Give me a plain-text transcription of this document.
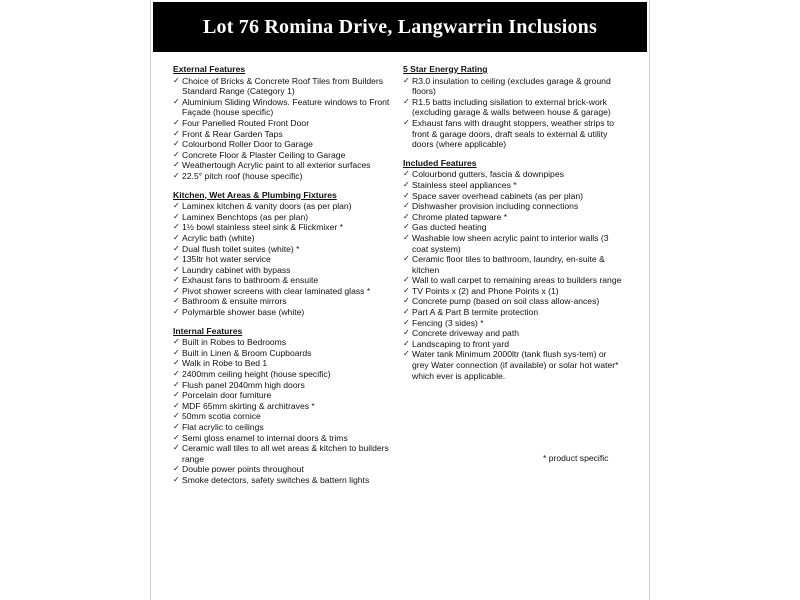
Lot 76 Romina Drive, Langwarrin Inclusions
External Features
✓ Choice of Bricks & Concrete Roof Tiles from Builders Standard Range (Category 1)
✓ Aluminium Sliding Windows. Feature windows to Front Façade (house specific)
✓ Four Panelled Routed Front Door
✓ Front & Rear Garden Taps
✓ Colourbond Roller Door to Garage
✓ Concrete Floor & Plaster Ceiling to Garage
✓ Weathertough Acrylic paint to all exterior surfaces
✓ 22.5° pitch roof (house specific)
Kitchen, Wet Areas & Plumbing Fixtures
✓ Laminex kitchen & vanity doors (as per plan)
✓ Laminex Benchtops (as per plan)
✓ 1½ bowl stainless steel sink & Flickmixer *
✓ Acrylic bath (white)
✓ Dual flush toilet suites (white) *
✓ 135ltr hot water service
✓ Laundry cabinet with bypass
✓ Exhaust fans to bathroom & ensuite
✓ Pivot shower screens with clear laminated glass *
✓ Bathroom & ensuite mirrors
✓ Polymarble shower base (white)
Internal Features
✓ Built in Robes to Bedrooms
✓ Built in Linen & Broom Cupboards
✓ Walk in Robe to Bed 1
✓ 2400mm ceiling height (house specific)
✓ Flush panel 2040mm high doors
✓ Porcelain door furniture
✓ MDF 65mm skirting & architraves *
✓ 50mm scotia cornice
✓ Flat acrylic to ceilings
✓ Semi gloss enamel to internal doors & trims
✓ Ceramic wall tiles to all wet areas & kitchen to builders range
✓ Double power points throughout
✓ Smoke detectors, safety switches & battern lights
5 Star Energy Rating
✓ R3.0 insulation to ceiling (excludes garage & ground floors)
✓ R1.5 batts including sisilation to external brick-work (excluding garage & walls between house & garage)
✓ Exhaust fans with draught stoppers, weather strips to front & garage doors, draft seals to external & utility doors (where applicable)
Included Features
✓ Colourbond gutters, fascia & downpipes
✓ Stainless steel appliances *
✓ Space saver overhead cabinets (as per plan)
✓ Dishwasher provision including connections
✓ Chrome plated tapware *
✓ Gas ducted heating
✓ Washable low sheen acrylic paint to interior walls (3 coat system)
✓ Ceramic floor tiles to bathroom, laundry, en-suite & kitchen
✓ Wall to wall carpet to remaining areas to builders range
✓ TV Points x (2) and Phone Points x (1)
✓ Concrete pump (based on soil class allow-ances)
✓ Part A & Part B termite protection
✓ Fencing (3 sides) *
✓ Concrete driveway and path
✓ Landscaping to front yard
✓ Water tank Minimum 2000ltr (tank flush sys-tem) or grey Water connection (if available) or solar hot water* which ever is applicable.
* product specific
